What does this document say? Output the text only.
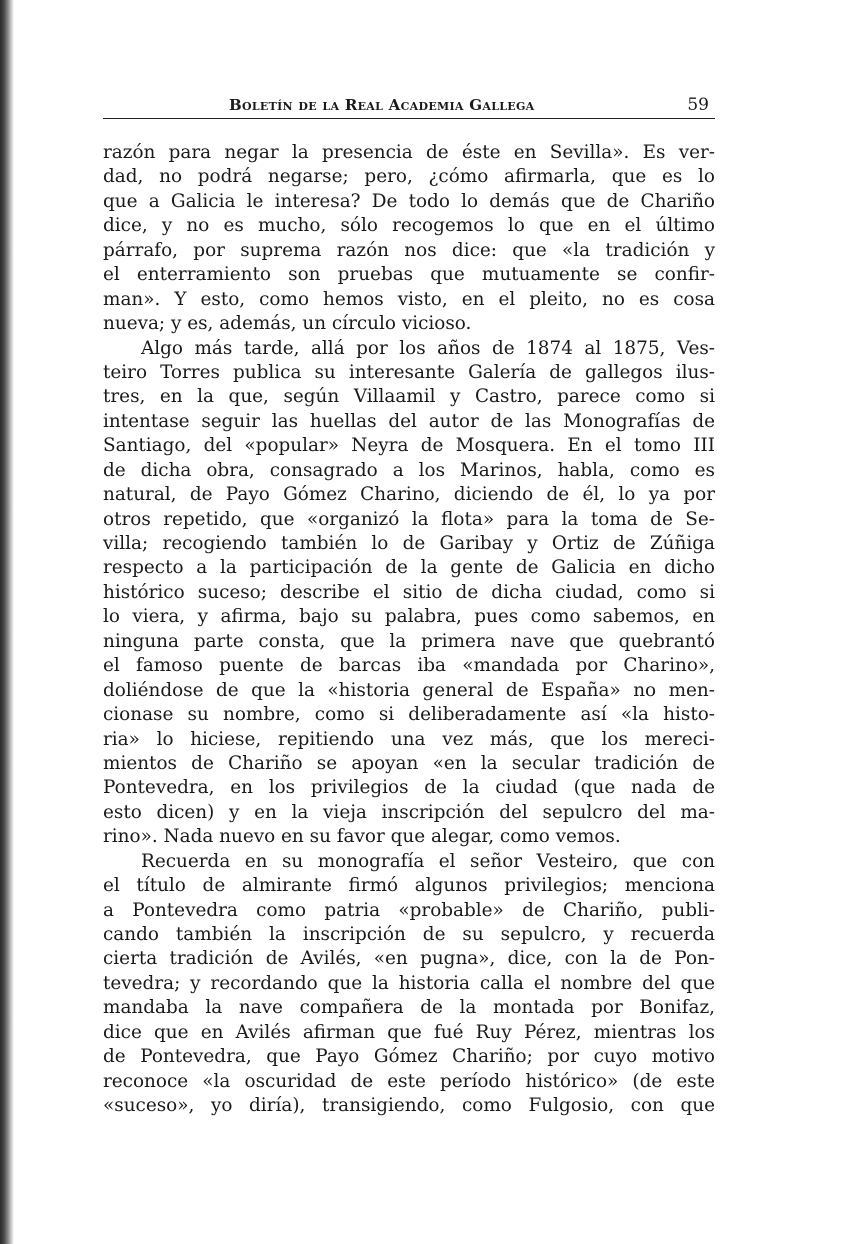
Boletín de la Real Academia Gallega	59
razón para negar la presencia de éste en Sevilla». Es ver-
dad, no podrá negarse; pero, ¿cómo afirmarla, que es lo
que a Galicia le interesa? De todo lo demás que de Chariño
dice, y no es mucho, sólo recogemos lo que en el último
párrafo, por suprema razón nos dice: que «la tradición y
el enterramiento son pruebas que mutuamente se confir-
man». Y esto, como hemos visto, en el pleito, no es cosa
nueva; y es, además, un círculo vicioso.
Algo más tarde, allá por los años de 1874 al 1875, Ves-
teiro Torres publica su interesante Galería de gallegos ilus-
tres, en la que, según Villaamil y Castro, parece como si
intentase seguir las huellas del autor de las Monografías de
Santiago, del «popular» Neyra de Mosquera. En el tomo III
de dicha obra, consagrado a los Marinos, habla, como es
natural, de Payo Gómez Charino, diciendo de él, lo ya por
otros repetido, que «organizó la flota» para la toma de Se-
villa; recogiendo también lo de Garibay y Ortiz de Zúñiga
respecto a la participación de la gente de Galicia en dicho
histórico suceso; describe el sitio de dicha ciudad, como si
lo viera, y afirma, bajo su palabra, pues como sabemos, en
ninguna parte consta, que la primera nave que quebrantó
el famoso puente de barcas iba «mandada por Charino»,
doliéndose de que la «historia general de España» no men-
cionase su nombre, como si deliberadamente así «la histo-
ria» lo hiciese, repitiendo una vez más, que los mereci-
mientos de Chariño se apoyan «en la secular tradición de
Pontevedra, en los privilegios de la ciudad (que nada de
esto dicen) y en la vieja inscripción del sepulcro del ma-
rino». Nada nuevo en su favor que alegar, como vemos.
Recuerda en su monografía el señor Vesteiro, que con
el título de almirante firmó algunos privilegios; menciona
a Pontevedra como patria «probable» de Chariño, publi-
cando también la inscripción de su sepulcro, y recuerda
cierta tradición de Avilés, «en pugna», dice, con la de Pon-
tevedra; y recordando que la historia calla el nombre del que
mandaba la nave compañera de la montada por Bonifaz,
dice que en Avilés afirman que fué Ruy Pérez, mientras los
de Pontevedra, que Payo Gómez Chariño; por cuyo motivo
reconoce «la oscuridad de este período histórico» (de este
«suceso», yo diría), transigiendo, como Fulgosio, con que
